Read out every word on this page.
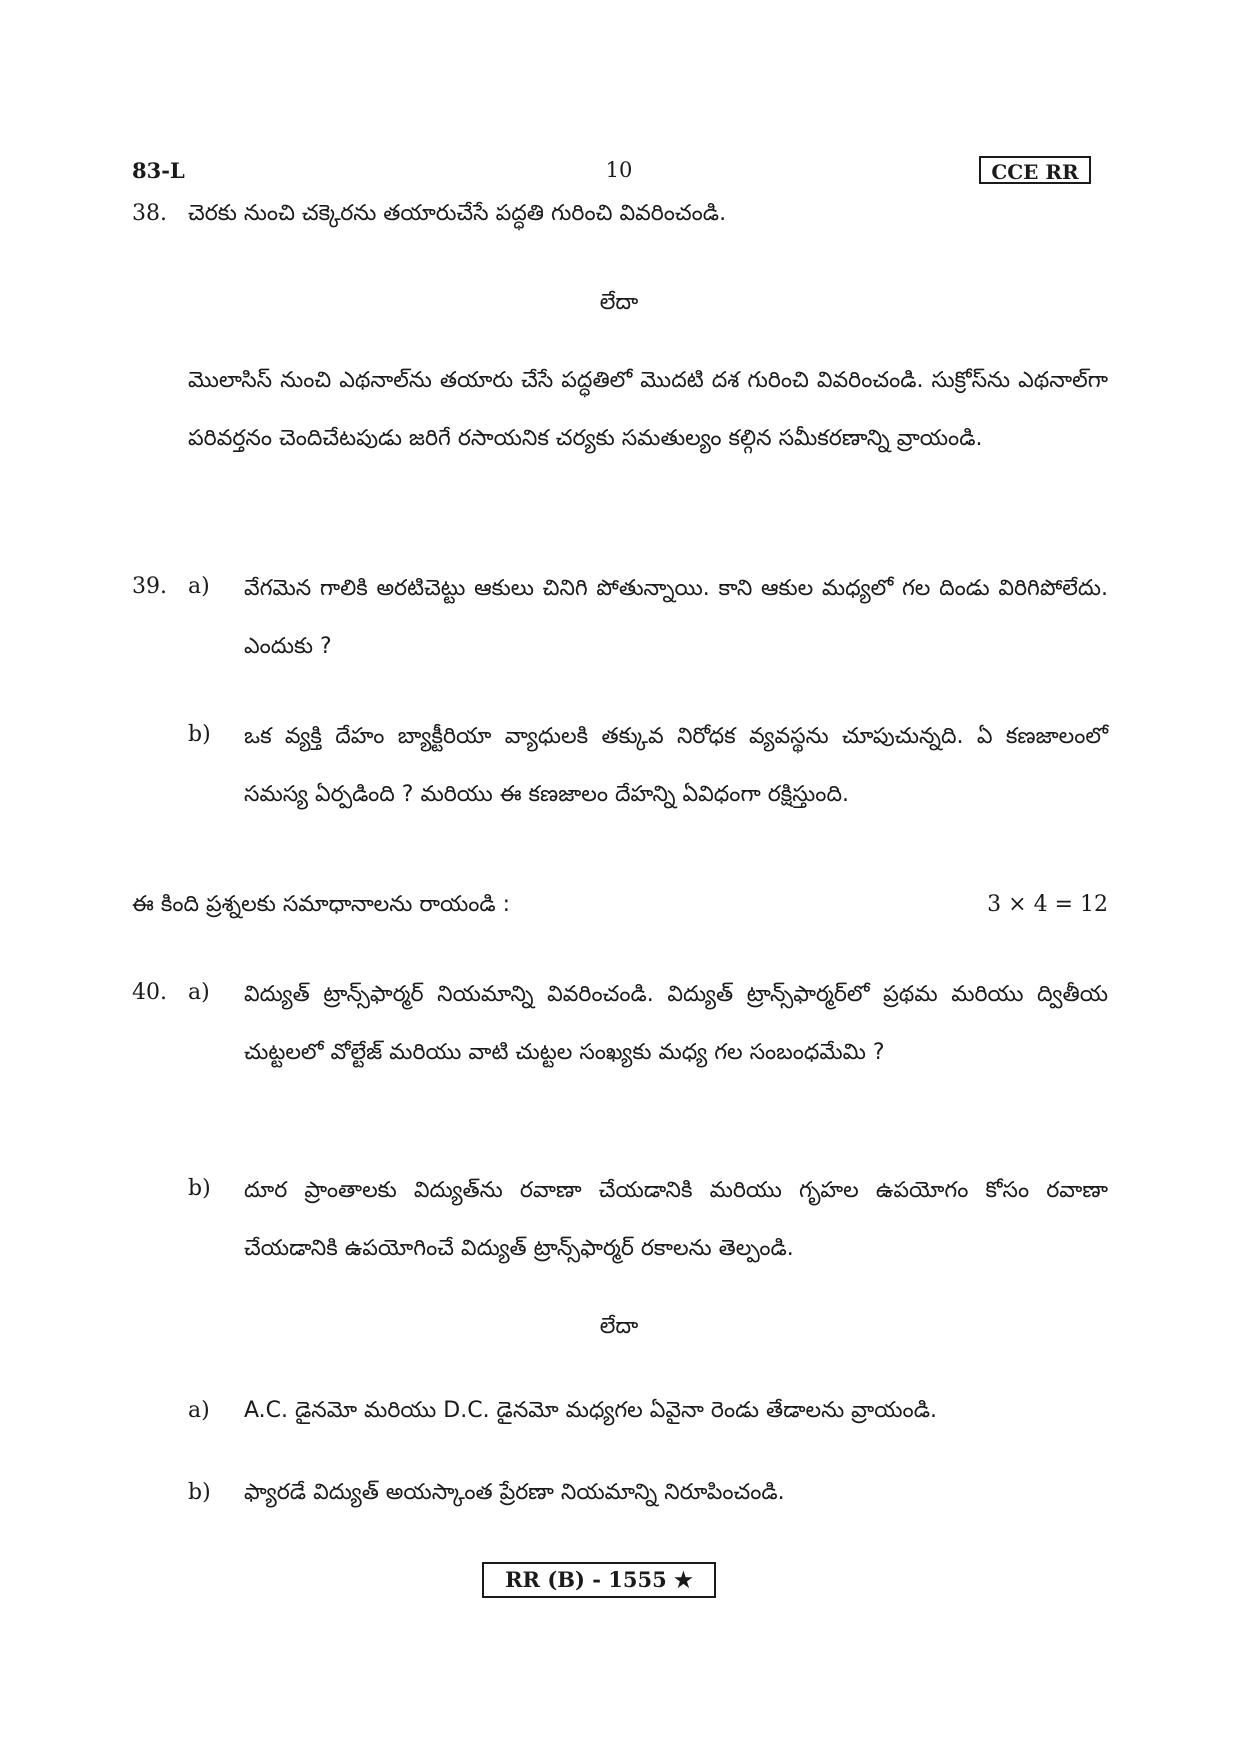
83-L	10	CCE RR
38. చెరకు నుంచి చక్కెరను తయారుచేసే పద్ధతి గురించి వివరించండి.
లేదా
మొలాసిస్ నుంచి ఎథనాల్‌ను తయారు చేసే పద్ధతిలో మొదటి దశ గురించి వివరించండి. సుక్రోస్‌ను ఎథనాల్‌గా పరివర్తనం చెందిచేటపుడు జరిగే రసాయనిక చర్యకు సమతుల్యం కల్గిన సమీకరణాన్ని వ్రాయండి.
39. a) వేగమెన గాలికి అరటిచెట్టు ఆకులు చినిగి పోతున్నాయి. కాని ఆకుల మధ్యలో గల దిండు విరిగిపోలేదు. ఎందుకు ?
b) ఒక వ్యక్తి దేహం బ్యాక్టీరియా వ్యాధులకి తక్కువ నిరోధక వ్యవస్థను చూపుచున్నది. ఏ కణజాలంలో సమస్య ఏర్పడింది ? మరియు ఈ కణజాలం దేహన్ని ఏవిధంగా రక్షిస్తుంది.
ఈ కింది ప్రశ్నలకు సమాధానాలను రాయండి :	3 × 4 = 12
40. a) విద్యుత్ ట్రాన్స్‌ఫార్మర్ నియమాన్ని వివరించండి. విద్యుత్ ట్రాన్స్‌ఫార్మర్‌లో ప్రథమ మరియు ద్వితీయ చుట్టలలో వోల్టేజ్ మరియు వాటి చుట్టల సంఖ్యకు మధ్య గల సంబంధమేమి ?
b) దూర ప్రాంతాలకు విద్యుత్‌ను రవాణా చేయడానికి మరియు గృహల ఉపయోగం కోసం రవాణా చేయడానికి ఉపయోగించే విద్యుత్ ట్రాన్స్‌ఫార్మర్ రకాలను తెల్పండి.
లేదా
a) A.C. డైనమో మరియు D.C. డైనమో మధ్యగల ఏవైనా రెండు తేడాలను వ్రాయండి.
b) ఫ్యారడే విద్యుత్ అయస్కాంత ప్రేరణా నియమాన్ని నిరూపించండి.
RR (B) - 1555 ★
